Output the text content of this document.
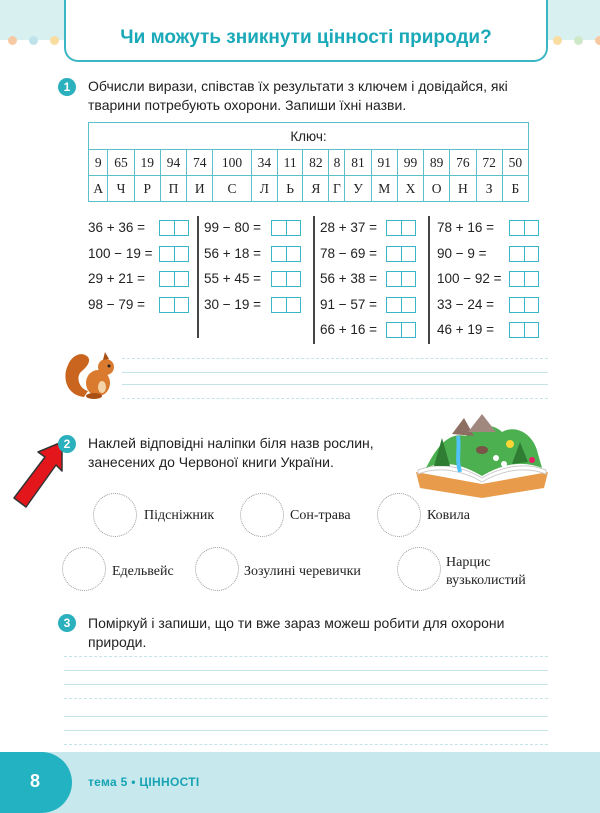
Чи можуть зникнути цінності природи?
1	Обчисли вирази, співстав їх результати з ключем і довідайся, які
тварини потребують охорони. Запиши їхні назви.
Ключ:																
9	65	19	94	74	100	34	11	82	8	81	91	99	89	76	72	50
А	Ч	Р	П	И	С	Л	Ь	Я	Г	У	М	Х	О	Н	З	Б
36 + 36 =
100 − 19 =
29 + 21 =
98 − 79 =
99 − 80 =
56 + 18 =
55 + 45 =
30 − 19 =
28 + 37 =
78 − 69 =
56 + 38 =
91 − 57 =
66 + 16 =
78 + 16 =
90 − 9 =
100 − 92 =
33 − 24 =
46 + 19 =
2	Наклей відповідні наліпки біля назв рослин,
занесених до Червоної книги України.
Підсніжник	Сон-трава	Ковила
Едельвейс	Зозулині черевички
Нарцис
вузьколистий
3	Поміркуй і запиши, що ти вже зараз можеш робити для охорони
природи.
8	тема 5 • ЦІННОСТІ
